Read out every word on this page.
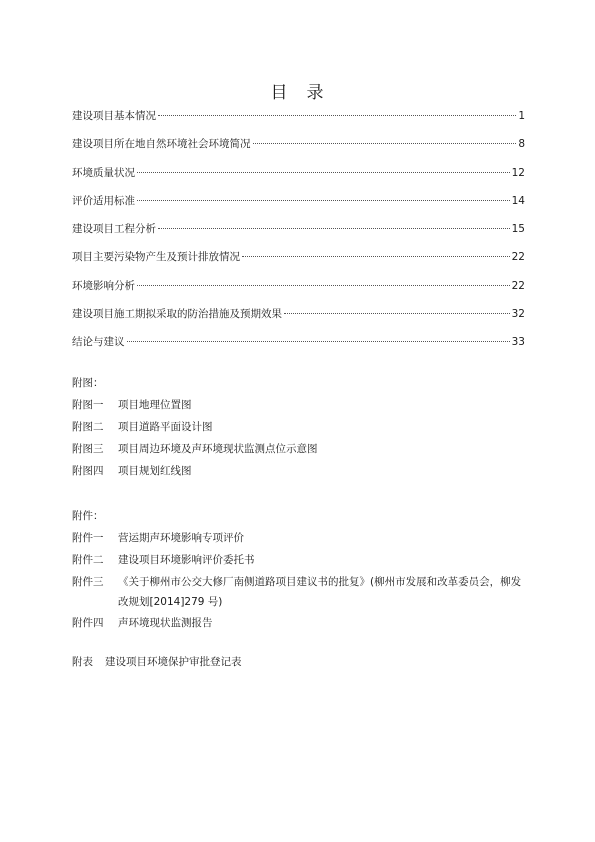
目　录
建设项目基本情况	1
建设项目所在地自然环境社会环境简况	8
环境质量状况	12
评价适用标准	14
建设项目工程分析	15
项目主要污染物产生及预计排放情况	22
环境影响分析	22
建设项目施工期拟采取的防治措施及预期效果	32
结论与建议	33
附图：
附图一	项目地理位置图
附图二	项目道路平面设计图
附图三	项目周边环境及声环境现状监测点位示意图
附图四	项目规划红线图
附件：
附件一	营运期声环境影响专项评价
附件二	建设项目环境影响评价委托书
附件三	《关于柳州市公交大修厂南侧道路项目建议书的批复》(柳州市发展和改革委员会，柳发改规划[2014]279 号)
附件四	声环境现状监测报告
附表 建设项目环境保护审批登记表
